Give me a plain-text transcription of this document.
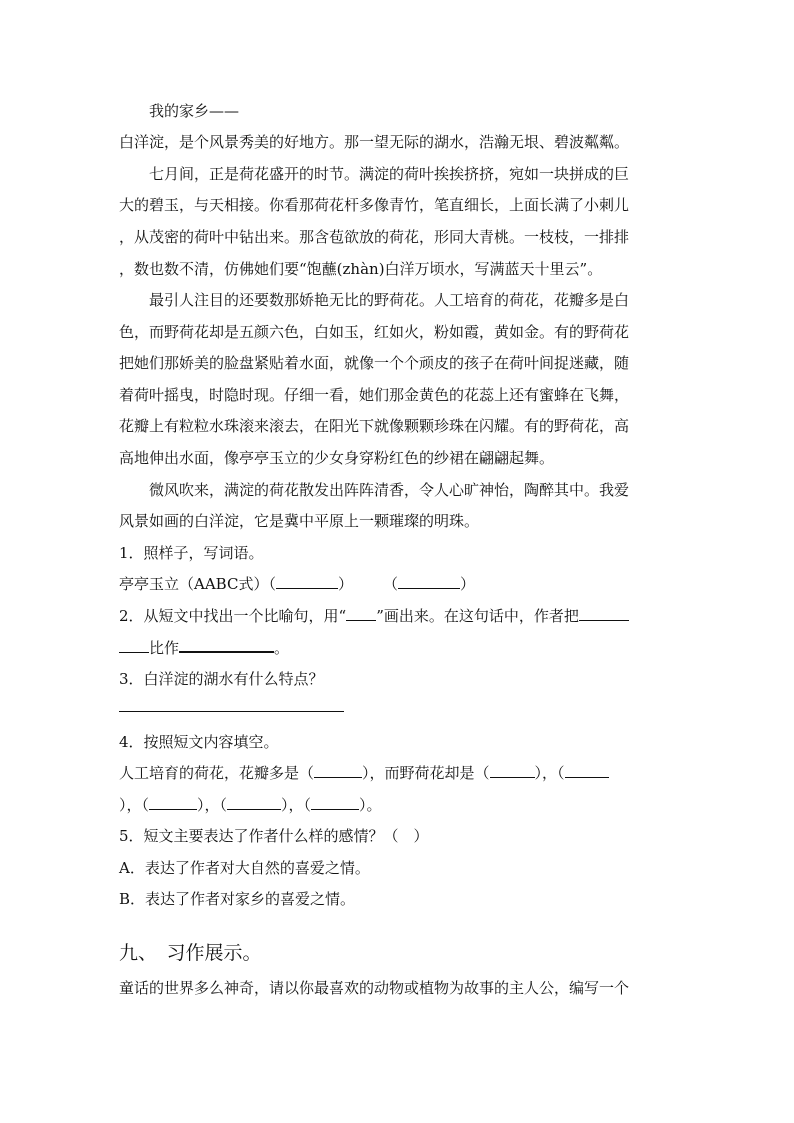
我的家乡——
白洋淀，是个风景秀美的好地方。那一望无际的湖水，浩瀚无垠、碧波粼粼。
七月间，正是荷花盛开的时节。满淀的荷叶挨挨挤挤，宛如一块拼成的巨
大的碧玉，与天相接。你看那荷花杆多像青竹，笔直细长，上面长满了小刺儿
，从茂密的荷叶中钻出来。那含苞欲放的荷花，形同大青桃。一枝枝，一排排
，数也数不清，仿佛她们要“饱蘸(zhàn)白洋万顷水，写满蓝天十里云”。
最引人注目的还要数那娇艳无比的野荷花。人工培育的荷花，花瓣多是白
色，而野荷花却是五颜六色，白如玉，红如火，粉如霞，黄如金。有的野荷花
把她们那娇美的脸盘紧贴着水面，就像一个个顽皮的孩子在荷叶间捉迷藏，随
着荷叶摇曳，时隐时现。仔细一看，她们那金黄色的花蕊上还有蜜蜂在飞舞，
花瓣上有粒粒水珠滚来滚去，在阳光下就像颗颗珍珠在闪耀。有的野荷花，高
高地伸出水面，像亭亭玉立的少女身穿粉红色的纱裙在翩翩起舞。
微风吹来，满淀的荷花散发出阵阵清香，令人心旷神怡，陶醉其中。我爱
风景如画的白洋淀，它是冀中平原上一颗璀璨的明珠。
1．照样子，写词语。
亭亭玉立（AABC式）（	） （	）
2．从短文中找出一个比喻句，用“ ”画出来。在这句话中，作者把
比作	。
3．白洋淀的湖水有什么特点？
4．按照短文内容填空。
人工培育的荷花，花瓣多是（	），而野荷花却是（	），（
），（	），（	），（	）。
5．短文主要表达了作者什么样的感情？（　）
A．表达了作者对大自然的喜爱之情。
B．表达了作者对家乡的喜爱之情。
九、　习作展示。
童话的世界多么神奇，请以你最喜欢的动物或植物为故事的主人公，编写一个
